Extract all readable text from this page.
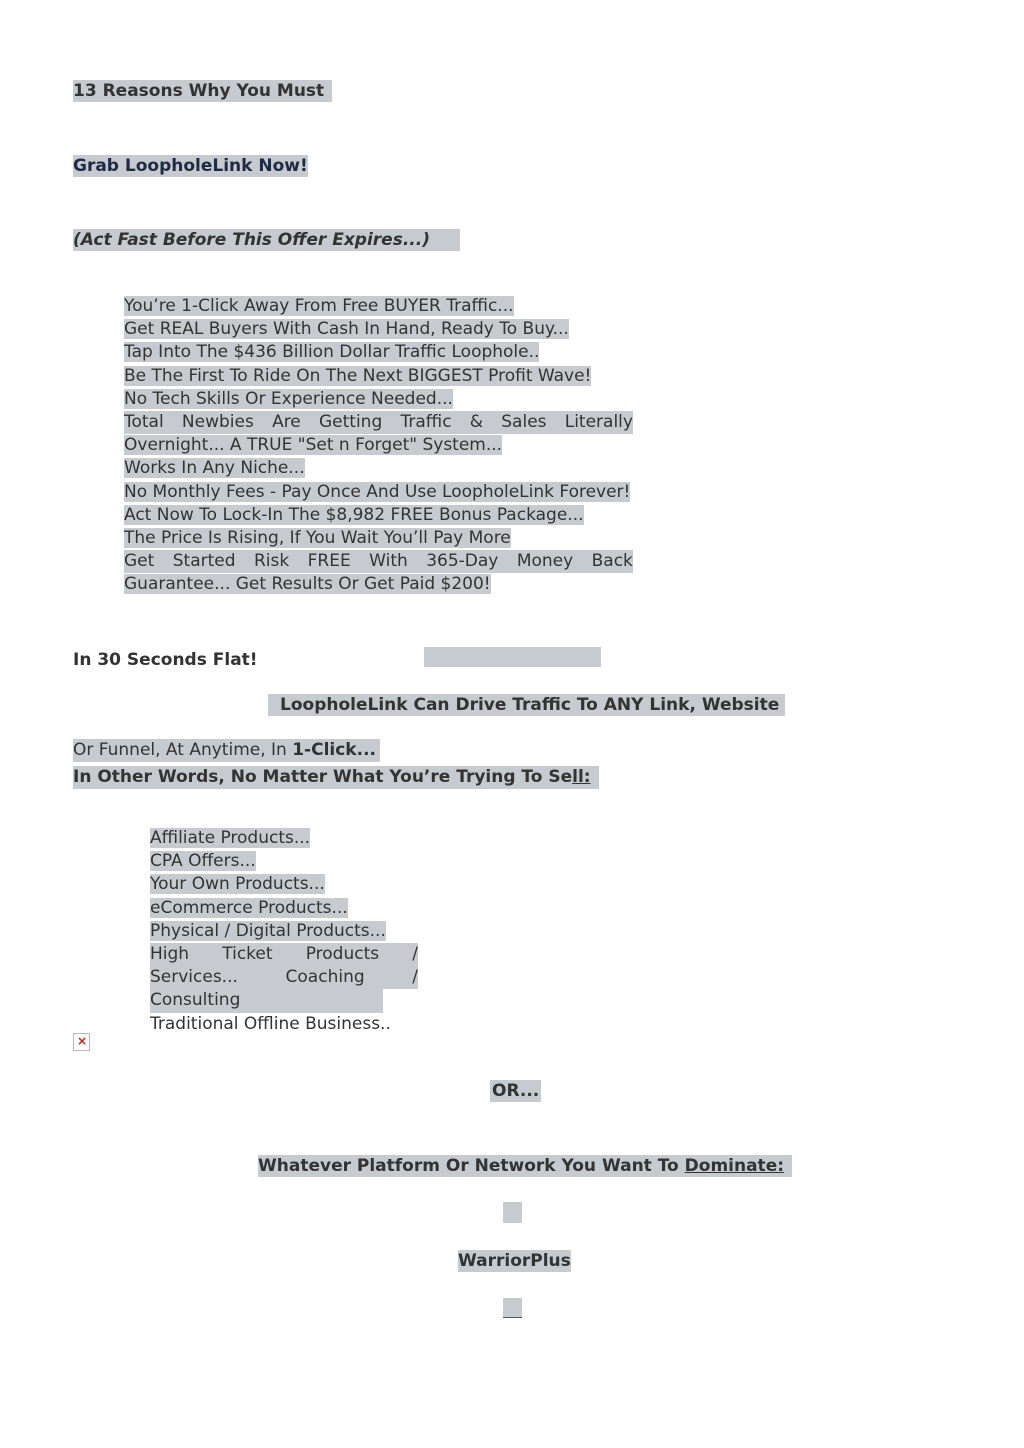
13 Reasons Why You Must
Grab LoopholeLink Now!
(Act Fast Before This Offer Expires...)
You’re 1-Click Away From Free BUYER Traffic...
Get REAL Buyers With Cash In Hand, Ready To Buy...
Tap Into The $436 Billion Dollar Traffic Loophole..
Be The First To Ride On The Next BIGGEST Profit Wave!
No Tech Skills Or Experience Needed...
Total Newbies Are Getting Traffic & Sales Literally
Overnight... A TRUE "Set n Forget" System...
Works In Any Niche...
No Monthly Fees - Pay Once And Use LoopholeLink Forever!
Act Now To Lock-In The $8,982 FREE Bonus Package...
The Price Is Rising, If You Wait You’ll Pay More
Get Started Risk FREE With 365-Day Money Back
Guarantee... Get Results Or Get Paid $200!
In 30 Seconds Flat!
LoopholeLink Can Drive Traffic To ANY Link, Website
Or Funnel, At Anytime, In 1-Click...
In Other Words, No Matter What You’re Trying To Sell:
Affiliate Products...
CPA Offers...
Your Own Products...
eCommerce Products...
Physical / Digital Products...
High Ticket Products /
Services...	Coaching	/
Consulting
Traditional Offline Business..
×
OR...
Whatever Platform Or Network You Want To Dominate:
WarriorPlus
